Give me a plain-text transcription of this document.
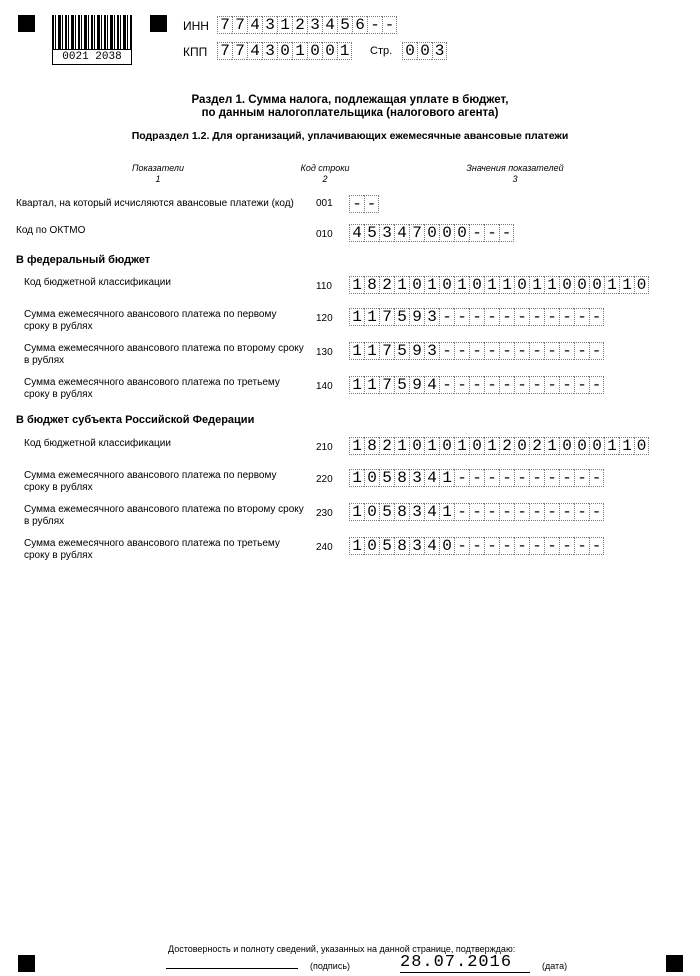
0021 2038
ИНН 7 7 4 3 1 2 3 4 5 6 - -
КПП 7 7 4 3 0 1 0 0 1 Стр. 0 0 3
Раздел 1. Сумма налога, подлежащая уплате в бюджет,
по данным налогоплательщика (налогового агента)
Подраздел 1.2. Для организаций, уплачивающих ежемесячные авансовые платежи
Показатели
1
Код строки
2
Значения показателей
3
Квартал, на который исчисляются авансовые платежи (код)	001 - -
Код по ОКТМО	010 4 5 3 4 7 0 0 0 - - -
В федеральный бюджет
Код бюджетной классификации	110 1 8 2 1 0 1 0 1 0 1 1 0 1 1 0 0 0 1 1 0
Сумма ежемесячного авансового платежа по первому сроку в рублях
120 1 1 7 5 9 3 - - - - - - - - - - -
Сумма ежемесячного авансового платежа по второму сроку в рублях
130 1 1 7 5 9 3 - - - - - - - - - - -
Сумма ежемесячного авансового платежа по третьему сроку в рублях
140 1 1 7 5 9 4 - - - - - - - - - - -
В бюджет субъекта Российской Федерации
Код бюджетной классификации	210 1 8 2 1 0 1 0 1 0 1 2 0 2 1 0 0 0 1 1 0
Сумма ежемесячного авансового платежа по первому сроку в рублях
220 1 0 5 8 3 4 1 - - - - - - - - - -
Сумма ежемесячного авансового платежа по второму сроку в рублях
230 1 0 5 8 3 4 1 - - - - - - - - - -
Сумма ежемесячного авансового платежа по третьему сроку в рублях
240 1 0 5 8 3 4 0 - - - - - - - - - -
Достоверность и полноту сведений, указанных на данной странице, подтверждаю:
(подпись)	28.07.2016	(дата)
